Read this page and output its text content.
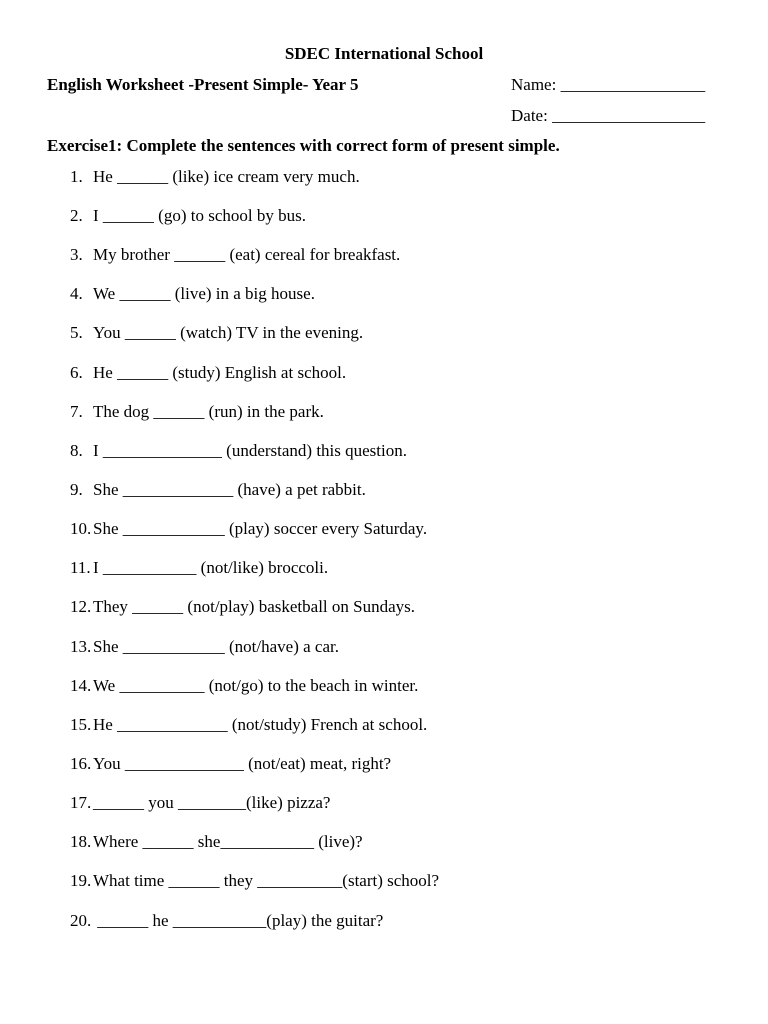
SDEC International School
English Worksheet -Present Simple- Year 5	Name: _________________
Date: __________________
Exercise1: Complete the sentences with correct form of present simple.
1. He ______ (like) ice cream very much.
2. I ______ (go) to school by bus.
3. My brother ______ (eat) cereal for breakfast.
4. We ______ (live) in a big house.
5. You ______ (watch) TV in the evening.
6. He ______ (study) English at school.
7. The dog ______ (run) in the park.
8. I ______________ (understand) this question.
9. She _____________ (have) a pet rabbit.
10. She ____________ (play) soccer every Saturday.
11. I ___________ (not/like) broccoli.
12. They ______ (not/play) basketball on Sundays.
13. She ____________ (not/have) a car.
14. We __________ (not/go) to the beach in winter.
15. He _____________ (not/study) French at school.
16. You ______________ (not/eat) meat, right?
17. ______ you ________(like) pizza?
18. Where ______ she___________ (live)?
19. What time ______ they __________(start) school?
20. ______ he ___________(play) the guitar?
